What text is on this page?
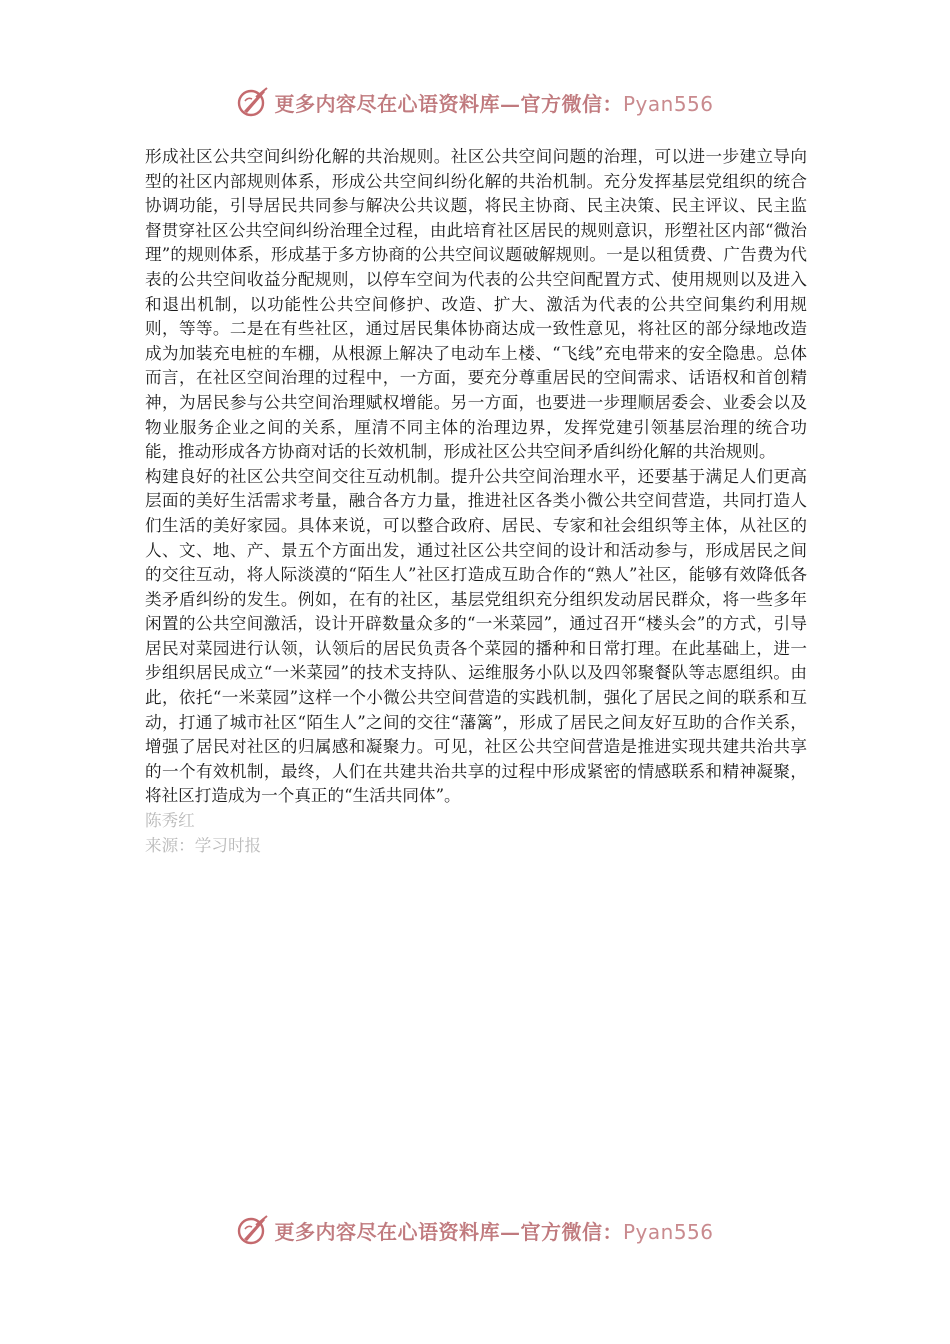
更多内容尽在心语资料库—官方微信：Pyan556

形成社区公共空间纠纷化解的共治规则。社区公共空间问题的治理，可以进一步建立导向型的社区内部规则体系，形成公共空间纠纷化解的共治机制。充分发挥基层党组织的统合协调功能，引导居民共同参与解决公共议题，将民主协商、民主决策、民主评议、民主监督贯穿社区公共空间纠纷治理全过程，由此培育社区居民的规则意识，形塑社区内部“微治理”的规则体系，形成基于多方协商的公共空间议题破解规则。一是以租赁费、广告费为代表的公共空间收益分配规则，以停车空间为代表的公共空间配置方式、使用规则以及进入和退出机制，以功能性公共空间修护、改造、扩大、激活为代表的公共空间集约利用规则，等等。二是在有些社区，通过居民集体协商达成一致性意见，将社区的部分绿地改造成为加装充电桩的车棚，从根源上解决了电动车上楼、“飞线”充电带来的安全隐患。总体而言，在社区空间治理的过程中，一方面，要充分尊重居民的空间需求、话语权和首创精神，为居民参与公共空间治理赋权增能。另一方面，也要进一步理顺居委会、业委会以及物业服务企业之间的关系，厘清不同主体的治理边界，发挥党建引领基层治理的统合功能，推动形成各方协商对话的长效机制，形成社区公共空间矛盾纠纷化解的共治规则。

构建良好的社区公共空间交往互动机制。提升公共空间治理水平，还要基于满足人们更高层面的美好生活需求考量，融合各方力量，推进社区各类小微公共空间营造，共同打造人们生活的美好家园。具体来说，可以整合政府、居民、专家和社会组织等主体，从社区的人、文、地、产、景五个方面出发，通过社区公共空间的设计和活动参与，形成居民之间的交往互动，将人际淡漠的“陌生人”社区打造成互助合作的“熟人”社区，能够有效降低各类矛盾纠纷的发生。例如，在有的社区，基层党组织充分组织发动居民群众，将一些多年闲置的公共空间激活，设计开辟数量众多的“一米菜园”，通过召开“楼头会”的方式，引导居民对菜园进行认领，认领后的居民负责各个菜园的播种和日常打理。在此基础上，进一步组织居民成立“一米菜园”的技术支持队、运维服务小队以及四邻聚餐队等志愿组织。由此，依托“一米菜园”这样一个小微公共空间营造的实践机制，强化了居民之间的联系和互动，打通了城市社区“陌生人”之间的交往“藩篱”，形成了居民之间友好互助的合作关系，增强了居民对社区的归属感和凝聚力。可见，社区公共空间营造是推进实现共建共治共享的一个有效机制，最终，人们在共建共治共享的过程中形成紧密的情感联系和精神凝聚，将社区打造成为一个真正的“生活共同体”。

陈秀红
来源：学习时报
更多内容尽在心语资料库—官方微信：Pyan556
